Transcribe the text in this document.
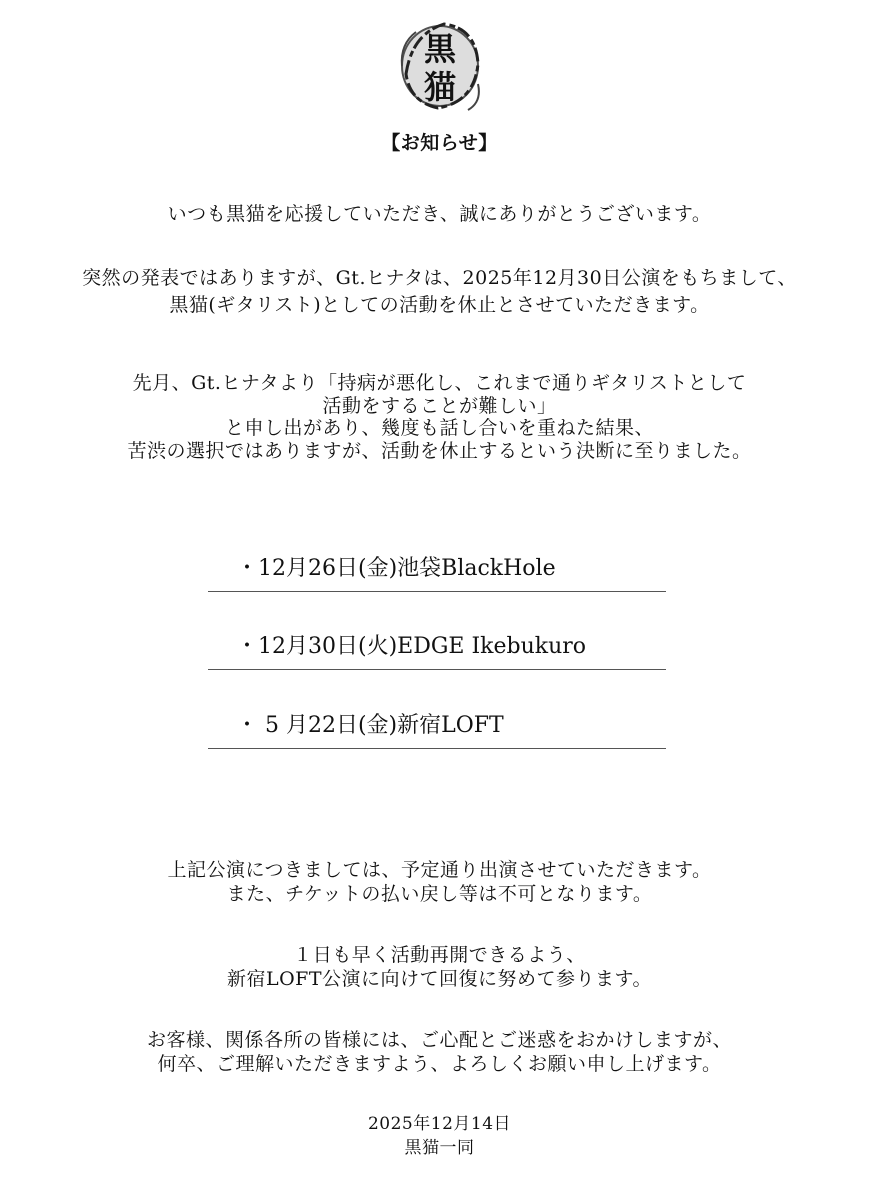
黒
猫
【お知らせ】
いつも黒猫を応援していただき、誠にありがとうございます。
突然の発表ではありますが、Gt.ヒナタは、2025年12月30日公演をもちまして、
黒猫(ギタリスト)としての活動を休止とさせていただきます。
先月、Gt.ヒナタより「持病が悪化し、これまで通りギタリストとして
活動をすることが難しい」
と申し出があり、幾度も話し合いを重ねた結果、
苦渋の選択ではありますが、活動を休止するという決断に至りました。
・12月26日(金)池袋BlackHole
・12月30日(火)EDGE Ikebukuro
・ 5 月22日(金)新宿LOFT
上記公演につきましては、予定通り出演させていただきます。
また、チケットの払い戻し等は不可となります。
１日も早く活動再開できるよう、
新宿LOFT公演に向けて回復に努めて参ります。
お客様、関係各所の皆様には、ご心配とご迷惑をおかけしますが、
何卒、ご理解いただきますよう、よろしくお願い申し上げます。
2025年12月14日
黒猫一同
